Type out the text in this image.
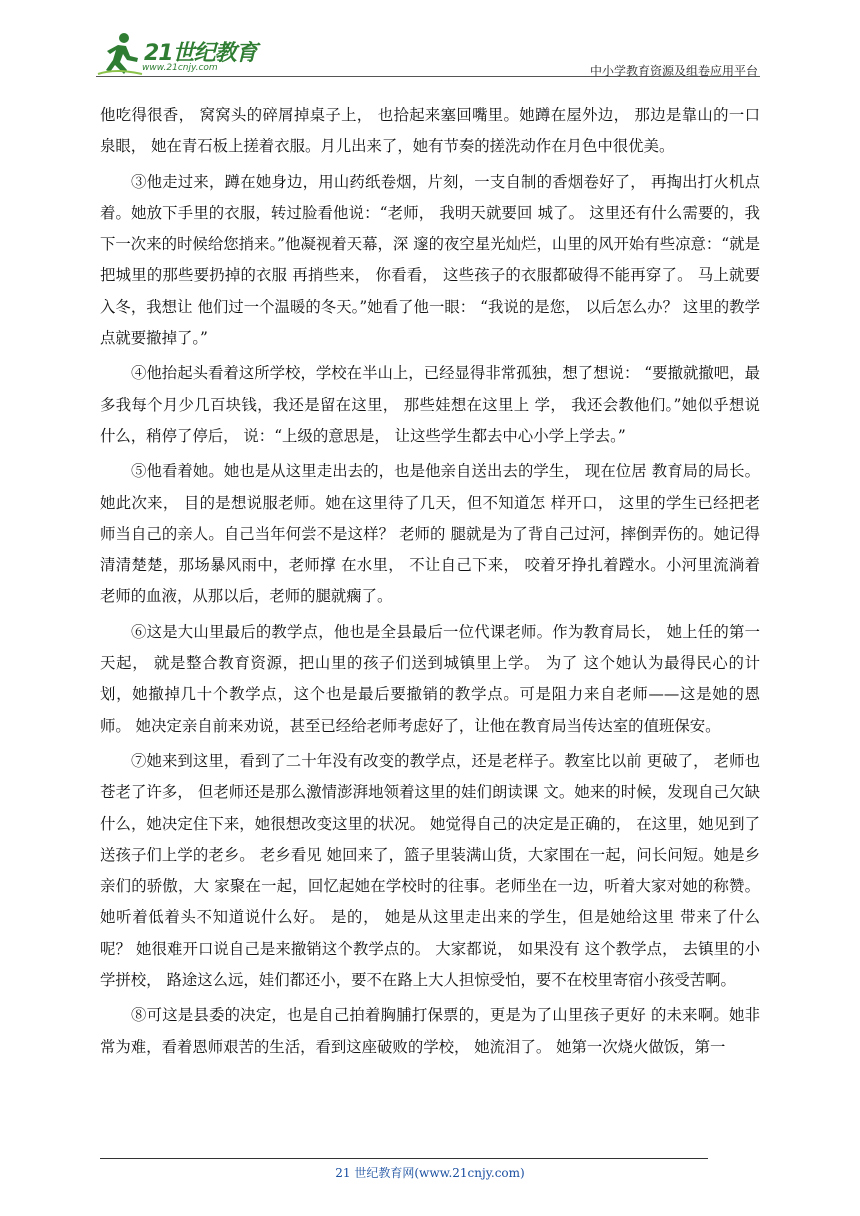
21世纪教育
www.21cnjy.com	中小学教育资源及组卷应用平台

他吃得很香， 窝窝头的碎屑掉桌子上， 也拾起来塞回嘴里。她蹲在屋外边， 那边是靠山的一口泉眼， 她在青石板上搓着衣服。月儿出来了，她有节奏的搓洗动作在月色中很优美。

③他走过来，蹲在她身边，用山药纸卷烟，片刻，一支自制的香烟卷好了， 再掏出打火机点着。她放下手里的衣服，转过脸看他说：“老师， 我明天就要回 城了。 这里还有什么需要的，我下一次来的时候给您捎来。”他凝视着天幕，深 邃的夜空星光灿烂，山里的风开始有些凉意：“就是把城里的那些要扔掉的衣服 再捎些来， 你看看， 这些孩子的衣服都破得不能再穿了。 马上就要入冬，我想让 他们过一个温暖的冬天。”她看了他一眼： “我说的是您， 以后怎么办？ 这里的教学点就要撤掉了。”

④他抬起头看着这所学校，学校在半山上，已经显得非常孤独，想了想说： “要撤就撤吧，最多我每个月少几百块钱，我还是留在这里， 那些娃想在这里上 学， 我还会教他们。”她似乎想说什么，稍停了停后， 说：“上级的意思是， 让这些学生都去中心小学上学去。”

⑤他看着她。她也是从这里走出去的，也是他亲自送出去的学生， 现在位居 教育局的局长。她此次来， 目的是想说服老师。她在这里待了几天，但不知道怎 样开口， 这里的学生已经把老师当自己的亲人。自己当年何尝不是这样？ 老师的 腿就是为了背自己过河，摔倒弄伤的。她记得清清楚楚，那场暴风雨中，老师撑 在水里， 不让自己下来， 咬着牙挣扎着蹚水。小河里流淌着老师的血液，从那以后，老师的腿就瘸了。

⑥这是大山里最后的教学点，他也是全县最后一位代课老师。作为教育局长， 她上任的第一天起， 就是整合教育资源，把山里的孩子们送到城镇里上学。 为了 这个她认为最得民心的计划，她撤掉几十个教学点，这个也是最后要撤销的教学点。可是阻力来自老师——这是她的恩师。 她决定亲自前来劝说，甚至已经给老师考虑好了，让他在教育局当传达室的值班保安。

⑦她来到这里，看到了二十年没有改变的教学点，还是老样子。教室比以前 更破了， 老师也苍老了许多， 但老师还是那么激情澎湃地领着这里的娃们朗读课 文。她来的时候，发现自己欠缺什么，她决定住下来，她很想改变这里的状况。 她觉得自己的决定是正确的， 在这里，她见到了送孩子们上学的老乡。 老乡看见 她回来了，篮子里装满山货，大家围在一起，问长问短。她是乡亲们的骄傲，大 家聚在一起，回忆起她在学校时的往事。老师坐在一边，听着大家对她的称赞。 她听着低着头不知道说什么好。 是的， 她是从这里走出来的学生，但是她给这里 带来了什么呢？ 她很难开口说自己是来撤销这个教学点的。 大家都说， 如果没有 这个教学点， 去镇里的小学拼校， 路途这么远，娃们都还小，要不在路上大人担惊受怕，要不在校里寄宿小孩受苦啊。

⑧可这是县委的决定，也是自己拍着胸脯打保票的，更是为了山里孩子更好 的未来啊。她非常为难，看着恩师艰苦的生活，看到这座破败的学校， 她流泪了。 她第一次烧火做饭，第一

21 世纪教育网(www.21cnjy.com)
